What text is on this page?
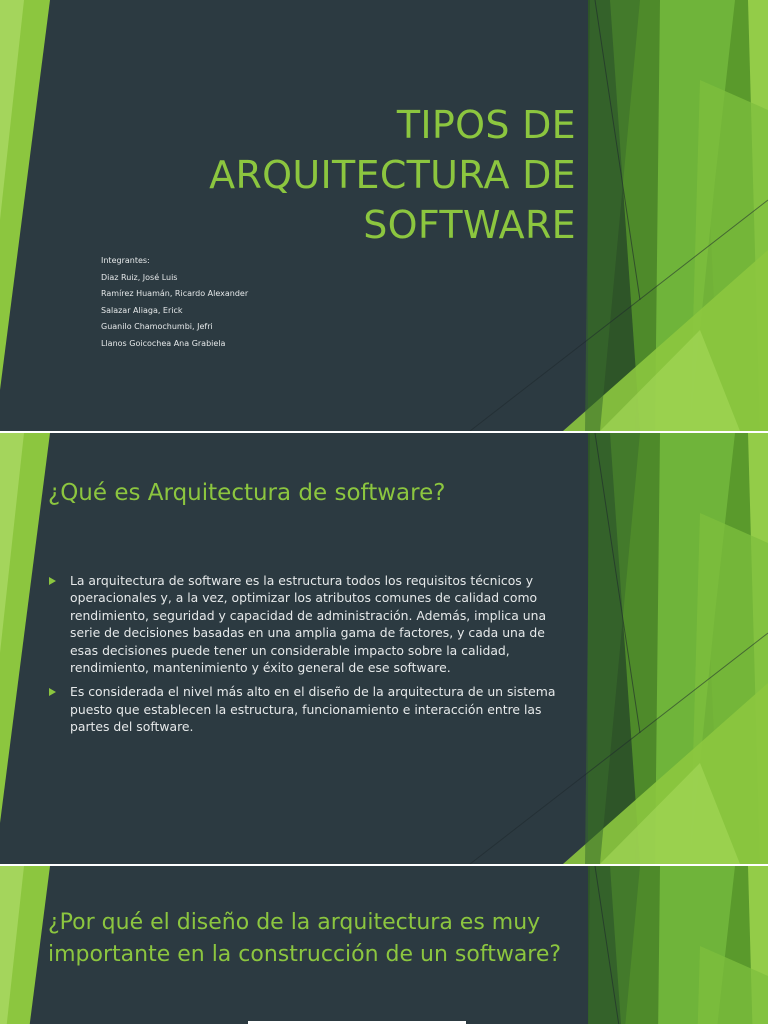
TIPOS DE
ARQUITECTURA DE
SOFTWARE
Integrantes:
Diaz Ruiz, José Luis
Ramírez Huamán, Ricardo Alexander
Salazar Aliaga, Erick
Guanilo Chamochumbi, Jefri
Llanos Goicochea Ana Grabiela
¿Qué es Arquitectura de software?
La arquitectura de software es la estructura todos los requisitos técnicos y operacionales y, a la vez, optimizar los atributos comunes de calidad como rendimiento, seguridad y capacidad de administración. Además, implica una serie de decisiones basadas en una amplia gama de factores, y cada una de esas decisiones puede tener un considerable impacto sobre la calidad, rendimiento, mantenimiento y éxito general de ese software.
Es considerada el nivel más alto en el diseño de la arquitectura de un sistema puesto que establecen la estructura, funcionamiento e interacción entre las partes del software.
¿Por qué el diseño de la arquitectura es muy importante en la construcción de un software?
